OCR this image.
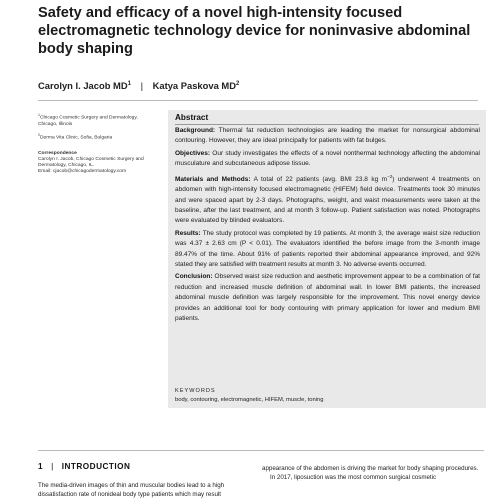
Safety and efficacy of a novel high-intensity focused electromagnetic technology device for noninvasive abdominal body shaping
Carolyn I. Jacob $MD^1$ | Katya Paskova $MD^2$

$^1$Chicago Cosmetic Surgery and Dermatology, Chicago, Illinois

$^2$Derma Vita Clinic, Sofia, Bulgaria

Correspondence
Carolyn I. Jacob, Chicago Cosmetic Surgery and Dermatology, Chicago, IL.
Email: cjacob@chicagodermatology.com

Abstract

Background: Thermal fat reduction technologies are leading the market for nonsurgical abdominal contouring. However, they are ideal principally for patients with fat bulges.

Objectives: Our study investigates the effects of a novel nonthermal technology affecting the abdominal musculature and subcutaneous adipose tissue.

Materials and Methods: A total of 22 patients (avg. BMI 23.8 kg $m^{-2}$) underwent 4 treatments on abdomen with high-intensity focused electromagnetic (HIFEM) field device. Treatments took 30 minutes and were spaced apart by 2-3 days. Photographs, weight, and waist measurements were taken at the baseline, after the last treatment, and at month 3 follow-up. Patient satisfaction was noted. Photographs were evaluated by blinded evaluators.

Results: The study protocol was completed by 19 patients. At month 3, the average waist size reduction was 4.37 ± 2.63 cm (P < 0.01). The evaluators identified the before image from the 3-month image 89.47% of the time. About 91% of patients reported their abdominal appearance improved, and 92% stated they are satisfied with treatment results at month 3. No adverse events occurred.

Conclusion: Observed waist size reduction and aesthetic improvement appear to be a combination of fat reduction and increased muscle definition of abdominal wall. In lower BMI patients, the increased abdominal muscle definition was largely responsible for the improvement. This novel energy device provides an additional tool for body contouring with primary application for lower and medium BMI patients.

KEYWORDS
body, contouring, electromagnetic, HIFEM, muscle, toning
1 | INTRODUCTION
The media-driven images of thin and muscular bodies lead to a high dissatisfaction rate of nonideal body type patients which may result

appearance of the abdomen is driving the market for body shaping procedures.

In 2017, liposuction was the most common surgical cosmetic
